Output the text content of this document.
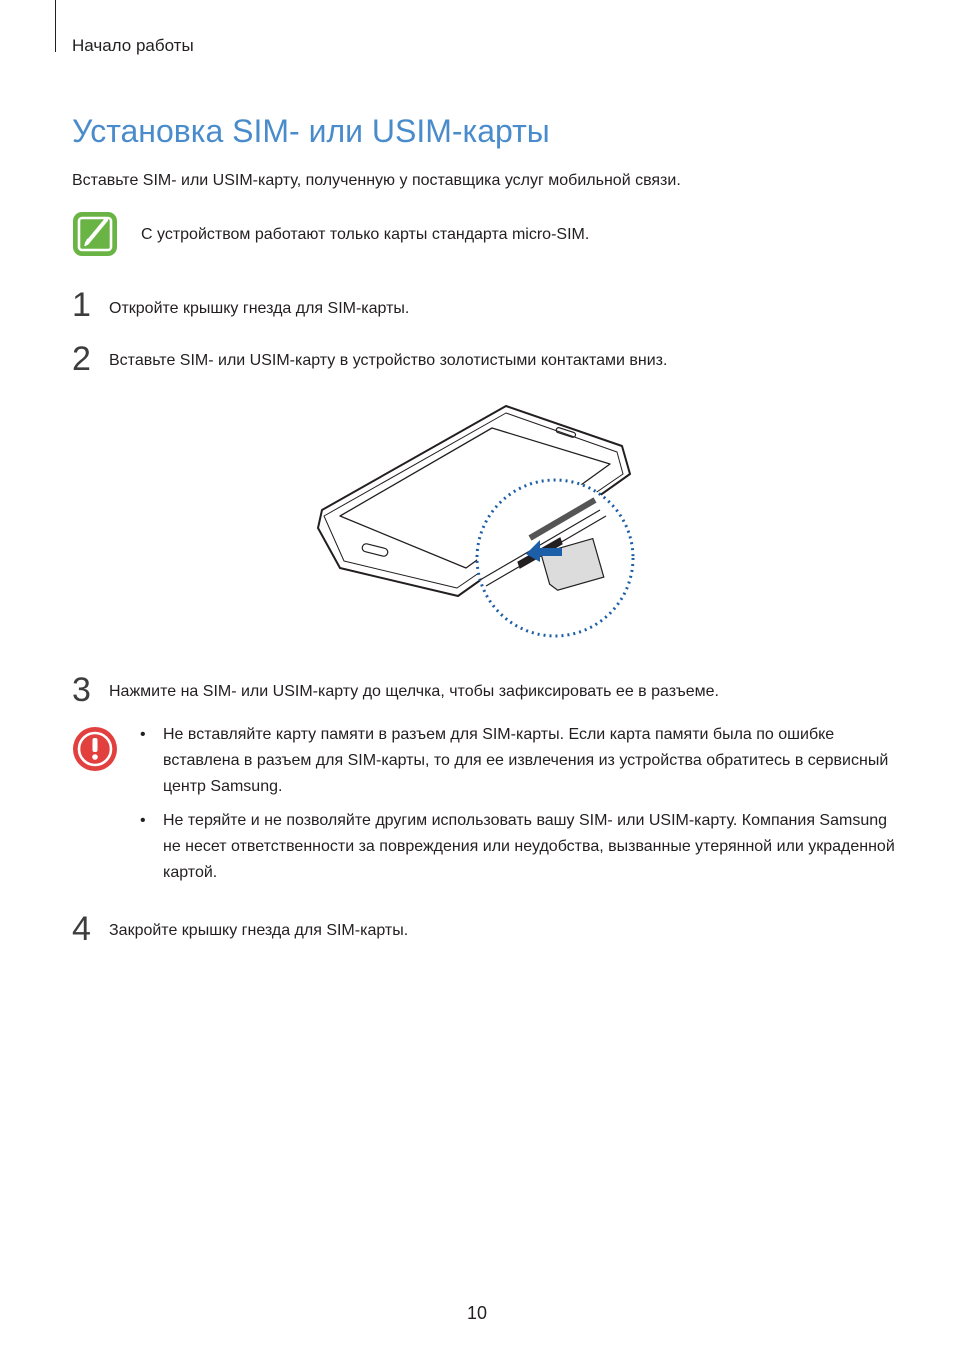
Начало работы
Установка SIM- или USIM-карты
Вставьте SIM- или USIM-карту, полученную у поставщика услуг мобильной связи.
С устройством работают только карты стандарта micro-SIM.
1 Откройте крышку гнезда для SIM-карты.
2 Вставьте SIM- или USIM-карту в устройство золотистыми контактами вниз.
3 Нажмите на SIM- или USIM-карту до щелчка, чтобы зафиксировать ее в разъеме.
• Не вставляйте карту памяти в разъем для SIM-карты. Если карта памяти была по ошибке вставлена в разъем для SIM-карты, то для ее извлечения из устройства обратитесь в сервисный центр Samsung.
• Не теряйте и не позволяйте другим использовать вашу SIM- или USIM-карту. Компания Samsung не несет ответственности за повреждения или неудобства, вызванные утерянной или украденной картой.
4 Закройте крышку гнезда для SIM-карты.
10
